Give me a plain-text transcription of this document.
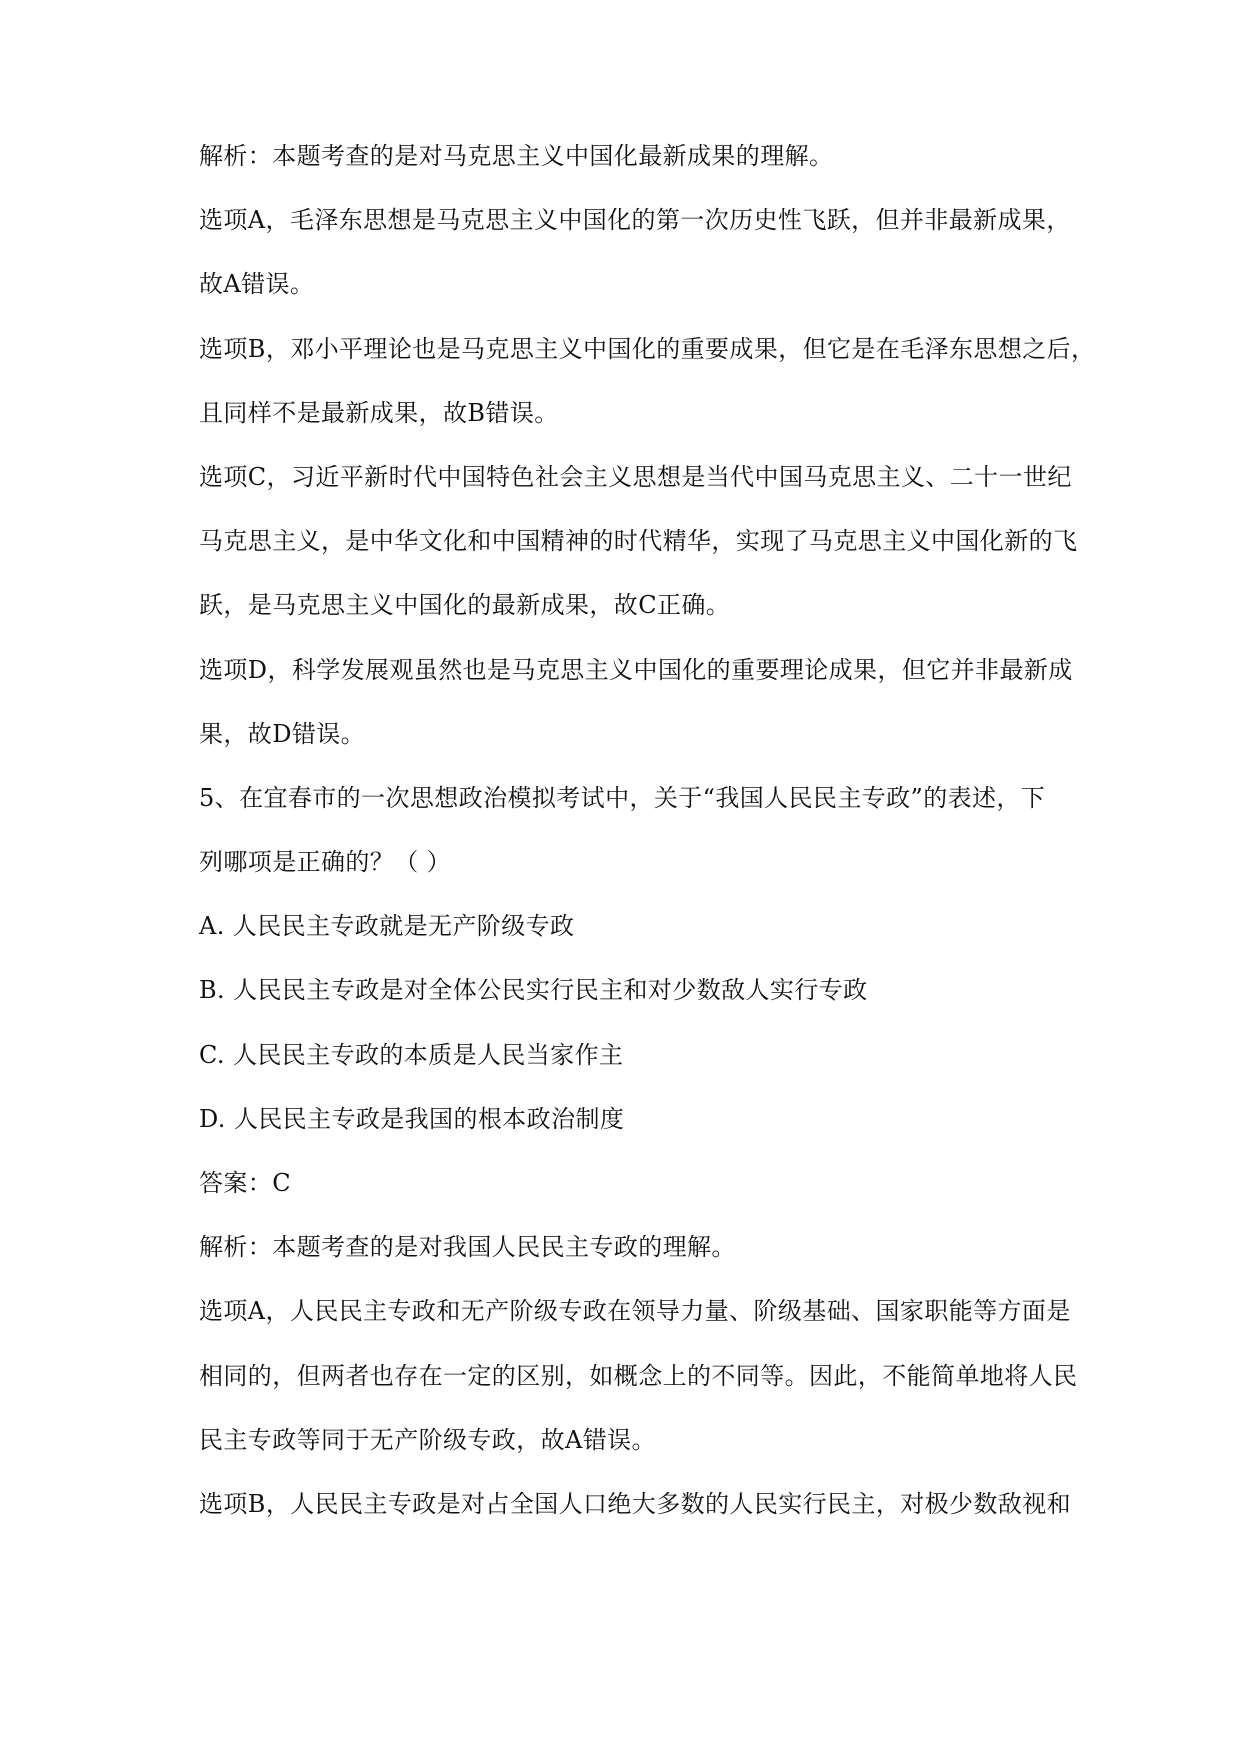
解析：本题考查的是对马克思主义中国化最新成果的理解。
选项A，毛泽东思想是马克思主义中国化的第一次历史性飞跃，但并非最新成果，
故A错误。
选项B，邓小平理论也是马克思主义中国化的重要成果，但它是在毛泽东思想之后，
且同样不是最新成果，故B错误。
选项C，习近平新时代中国特色社会主义思想是当代中国马克思主义、二十一世纪
马克思主义，是中华文化和中国精神的时代精华，实现了马克思主义中国化新的飞
跃，是马克思主义中国化的最新成果，故C正确。
选项D，科学发展观虽然也是马克思主义中国化的重要理论成果，但它并非最新成
果，故D错误。
5、在宜春市的一次思想政治模拟考试中，关于“我国人民民主专政”的表述，下
列哪项是正确的？（ ）
A. 人民民主专政就是无产阶级专政
B. 人民民主专政是对全体公民实行民主和对少数敌人实行专政
C. 人民民主专政的本质是人民当家作主
D. 人民民主专政是我国的根本政治制度
答案：C
解析：本题考查的是对我国人民民主专政的理解。
选项A，人民民主专政和无产阶级专政在领导力量、阶级基础、国家职能等方面是
相同的，但两者也存在一定的区别，如概念上的不同等。因此，不能简单地将人民
民主专政等同于无产阶级专政，故A错误。
选项B，人民民主专政是对占全国人口绝大多数的人民实行民主，对极少数敌视和
